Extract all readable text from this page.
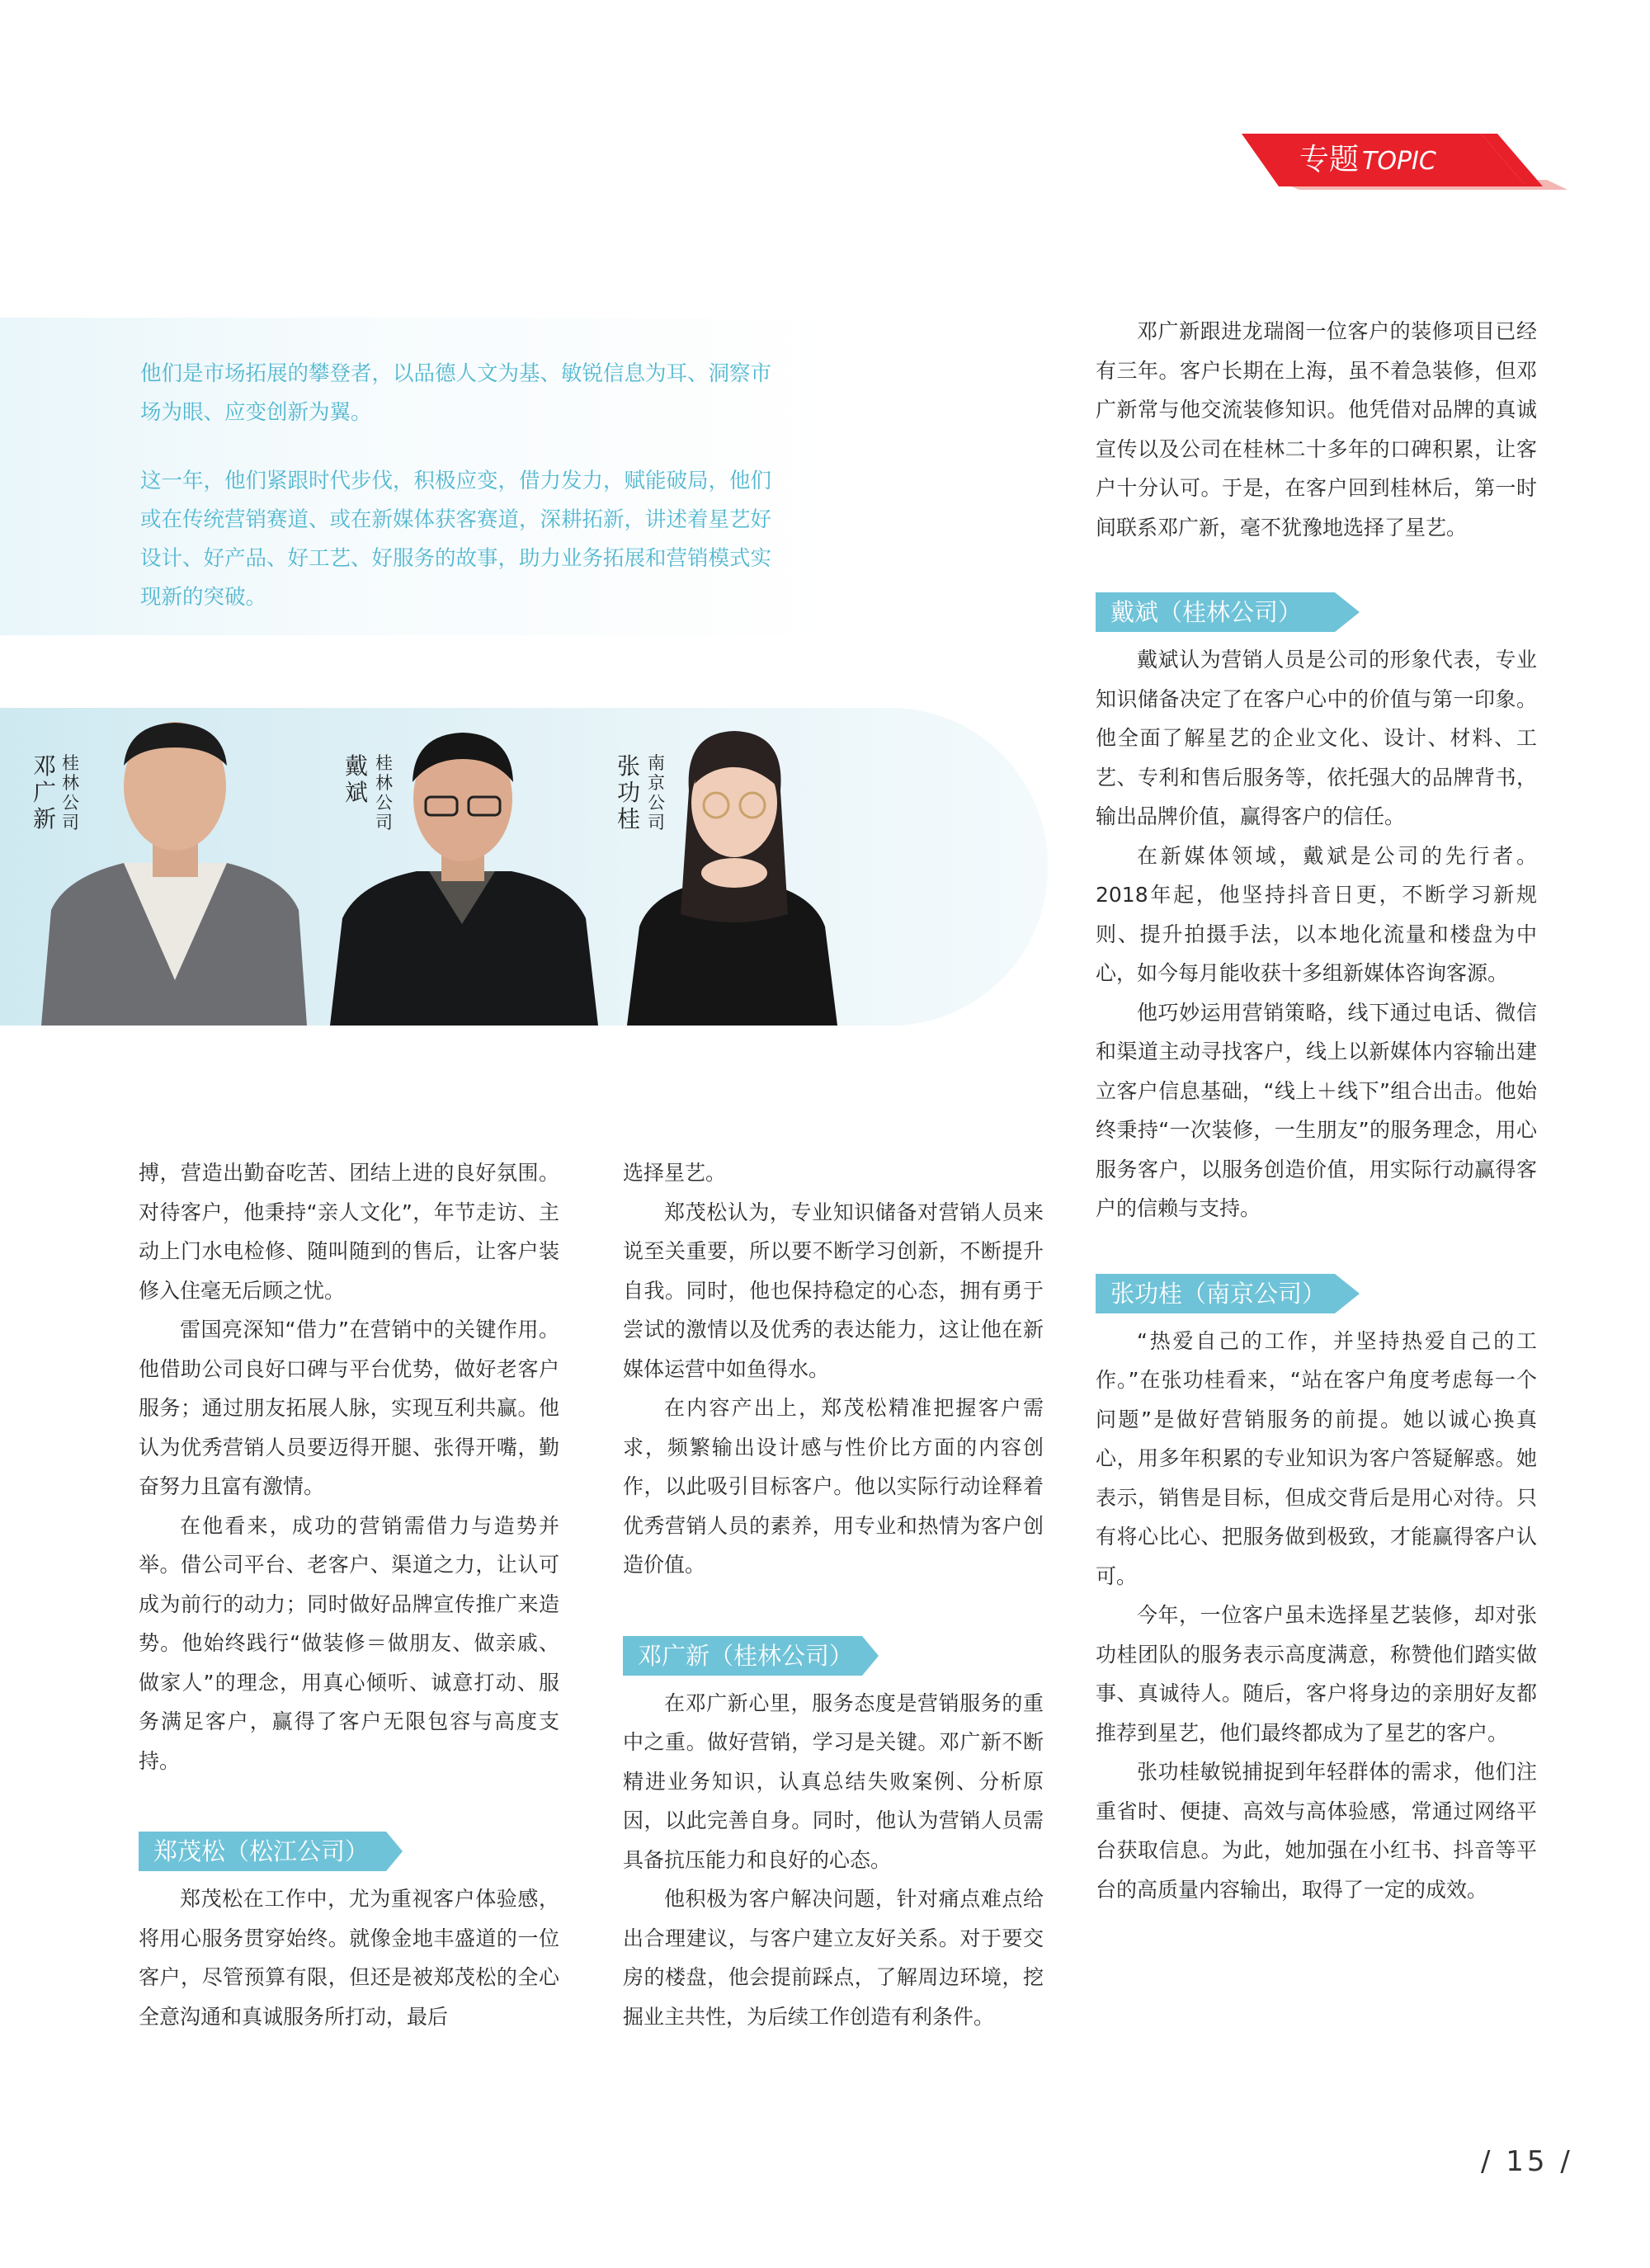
专题 TOPIC

他们是市场拓展的攀登者，以品德人文为基、敏锐信息为耳、洞察市场为眼、应变创新为翼。

这一年，他们紧跟时代步伐，积极应变，借力发力，赋能破局，他们或在传统营销赛道、或在新媒体获客赛道，深耕拓新，讲述着星艺好设计、好产品、好工艺、好服务的故事，助力业务拓展和营销模式实现新的突破。

邓广新
桂林公司
戴斌
桂林公司
张功桂
南京公司

搏，营造出勤奋吃苦、团结上进的良好氛围。对待客户，他秉持“亲人文化”，年节走访、主动上门水电检修、随叫随到的售后，让客户装修入住毫无后顾之忧。

雷国亮深知“借力”在营销中的关键作用。他借助公司良好口碑与平台优势，做好老客户服务；通过朋友拓展人脉，实现互利共赢。他认为优秀营销人员要迈得开腿、张得开嘴，勤奋努力且富有激情。

在他看来，成功的营销需借力与造势并举。借公司平台、老客户、渠道之力，让认可成为前行的动力；同时做好品牌宣传推广来造势。他始终践行“做装修＝做朋友、做亲戚、做家人”的理念，用真心倾听、诚意打动、服务满足客户，赢得了客户无限包容与高度支持。

郑茂松（松江公司）

郑茂松在工作中，尤为重视客户体验感，将用心服务贯穿始终。就像金地丰盛道的一位客户，尽管预算有限，但还是被郑茂松的全心全意沟通和真诚服务所打动，最后

选择星艺。

郑茂松认为，专业知识储备对营销人员来说至关重要，所以要不断学习创新，不断提升自我。同时，他也保持稳定的心态，拥有勇于尝试的激情以及优秀的表达能力，这让他在新媒体运营中如鱼得水。

在内容产出上，郑茂松精准把握客户需求，频繁输出设计感与性价比方面的内容创作，以此吸引目标客户。他以实际行动诠释着优秀营销人员的素养，用专业和热情为客户创造价值。

邓广新（桂林公司）

在邓广新心里，服务态度是营销服务的重中之重。做好营销，学习是关键。邓广新不断精进业务知识，认真总结失败案例、分析原因，以此完善自身。同时，他认为营销人员需具备抗压能力和良好的心态。

他积极为客户解决问题，针对痛点难点给出合理建议，与客户建立友好关系。对于要交房的楼盘，他会提前踩点，了解周边环境，挖掘业主共性，为后续工作创造有利条件。

邓广新跟进龙瑞阁一位客户的装修项目已经有三年。客户长期在上海，虽不着急装修，但邓广新常与他交流装修知识。他凭借对品牌的真诚宣传以及公司在桂林二十多年的口碑积累，让客户十分认可。于是，在客户回到桂林后，第一时间联系邓广新，毫不犹豫地选择了星艺。

戴斌（桂林公司）

戴斌认为营销人员是公司的形象代表，专业知识储备决定了在客户心中的价值与第一印象。他全面了解星艺的企业文化、设计、材料、工艺、专利和售后服务等，依托强大的品牌背书，输出品牌价值，赢得客户的信任。

在新媒体领域，戴斌是公司的先行者。2018年起，他坚持抖音日更，不断学习新规则、提升拍摄手法，以本地化流量和楼盘为中心，如今每月能收获十多组新媒体咨询客源。

他巧妙运用营销策略，线下通过电话、微信和渠道主动寻找客户，线上以新媒体内容输出建立客户信息基础，“线上＋线下”组合出击。他始终秉持“一次装修，一生朋友”的服务理念，用心服务客户，以服务创造价值，用实际行动赢得客户的信赖与支持。

张功桂（南京公司）

“热爱自己的工作，并坚持热爱自己的工作。”在张功桂看来，“站在客户角度考虑每一个问题”是做好营销服务的前提。她以诚心换真心，用多年积累的专业知识为客户答疑解惑。她表示，销售是目标，但成交背后是用心对待。只有将心比心、把服务做到极致，才能赢得客户认可。

今年，一位客户虽未选择星艺装修，却对张功桂团队的服务表示高度满意，称赞他们踏实做事、真诚待人。随后，客户将身边的亲朋好友都推荐到星艺，他们最终都成为了星艺的客户。

张功桂敏锐捕捉到年轻群体的需求，他们注重省时、便捷、高效与高体验感，常通过网络平台获取信息。为此，她加强在小红书、抖音等平台的高质量内容输出，取得了一定的成效。

/ 15 /
